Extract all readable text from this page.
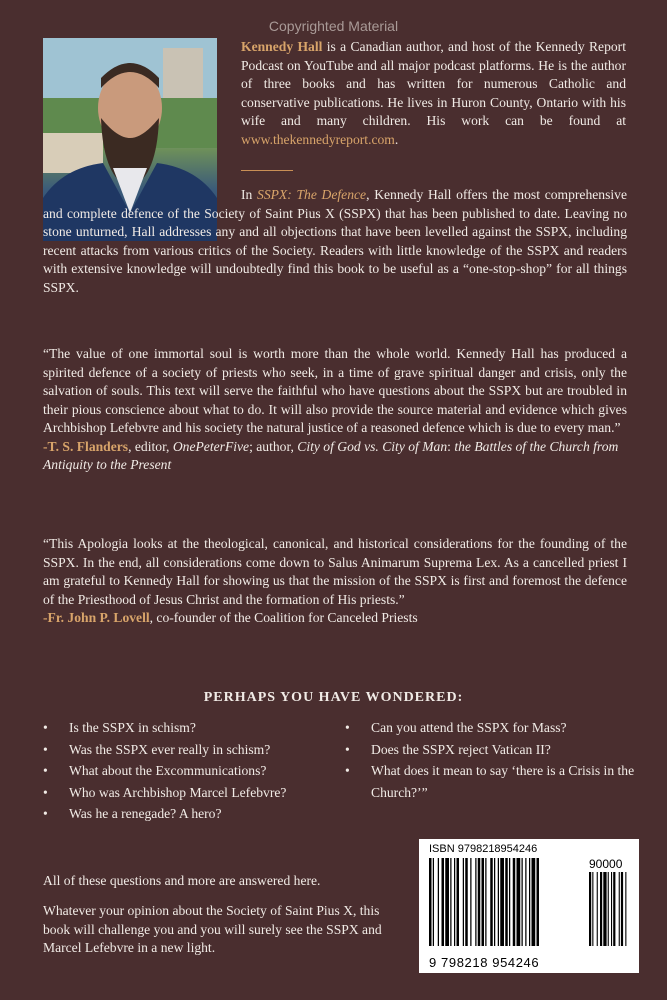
Copyrighted Material
Kennedy Hall is a Canadian author, and host of the Kennedy Report Podcast on YouTube and all major podcast platforms. He is the author of three books and has written for numerous Catholic and conservative publications. He lives in Huron County, Ontario with his wife and many children. His work can be found at www.thekennedyreport.com.
In SSPX: The Defence, Kennedy Hall offers the most comprehensive and complete defence of the Society of Saint Pius X (SSPX) that has been published to date. Leaving no stone unturned, Hall addresses any and all objections that have been levelled against the SSPX, including recent attacks from various critics of the Society. Readers with little knowledge of the SSPX and readers with extensive knowledge will undoubtedly find this book to be useful as a “one-stop-shop” for all things SSPX.
“The value of one immortal soul is worth more than the whole world. Kennedy Hall has produced a spirited defence of a society of priests who seek, in a time of grave spiritual danger and crisis, only the salvation of souls. This text will serve the faithful who have questions about the SSPX but are troubled in their pious conscience about what to do. It will also provide the source material and evidence which gives Archbishop Lefebvre and his society the natural justice of a reasoned defence which is due to every man.”
-T. S. Flanders, editor, OnePeterFive; author, City of God vs. City of Man: the Battles of the Church from Antiquity to the Present
“This Apologia looks at the theological, canonical, and historical considerations for the founding of the SSPX. In the end, all considerations come down to Salus Animarum Suprema Lex. As a cancelled priest I am grateful to Kennedy Hall for showing us that the mission of the SSPX is first and foremost the defence of the Priesthood of Jesus Christ and the formation of His priests.”
-Fr. John P. Lovell, co-founder of the Coalition for Canceled Priests
PERHAPS YOU HAVE WONDERED:
• Is the SSPX in schism?
• Was the SSPX ever really in schism?
• What about the Excommunications?
• Who was Archbishop Marcel Lefebvre?
• Was he a renegade? A hero?
• Can you attend the SSPX for Mass?
• Does the SSPX reject Vatican II?
• What does it mean to say ‘there is a Crisis in the Church?’”
All of these questions and more are answered here.
Whatever your opinion about the Society of Saint Pius X, this book will challenge you and you will surely see the SSPX and Marcel Lefebvre in a new light.
ISBN 9798218954246
90000
9 798218 954246
